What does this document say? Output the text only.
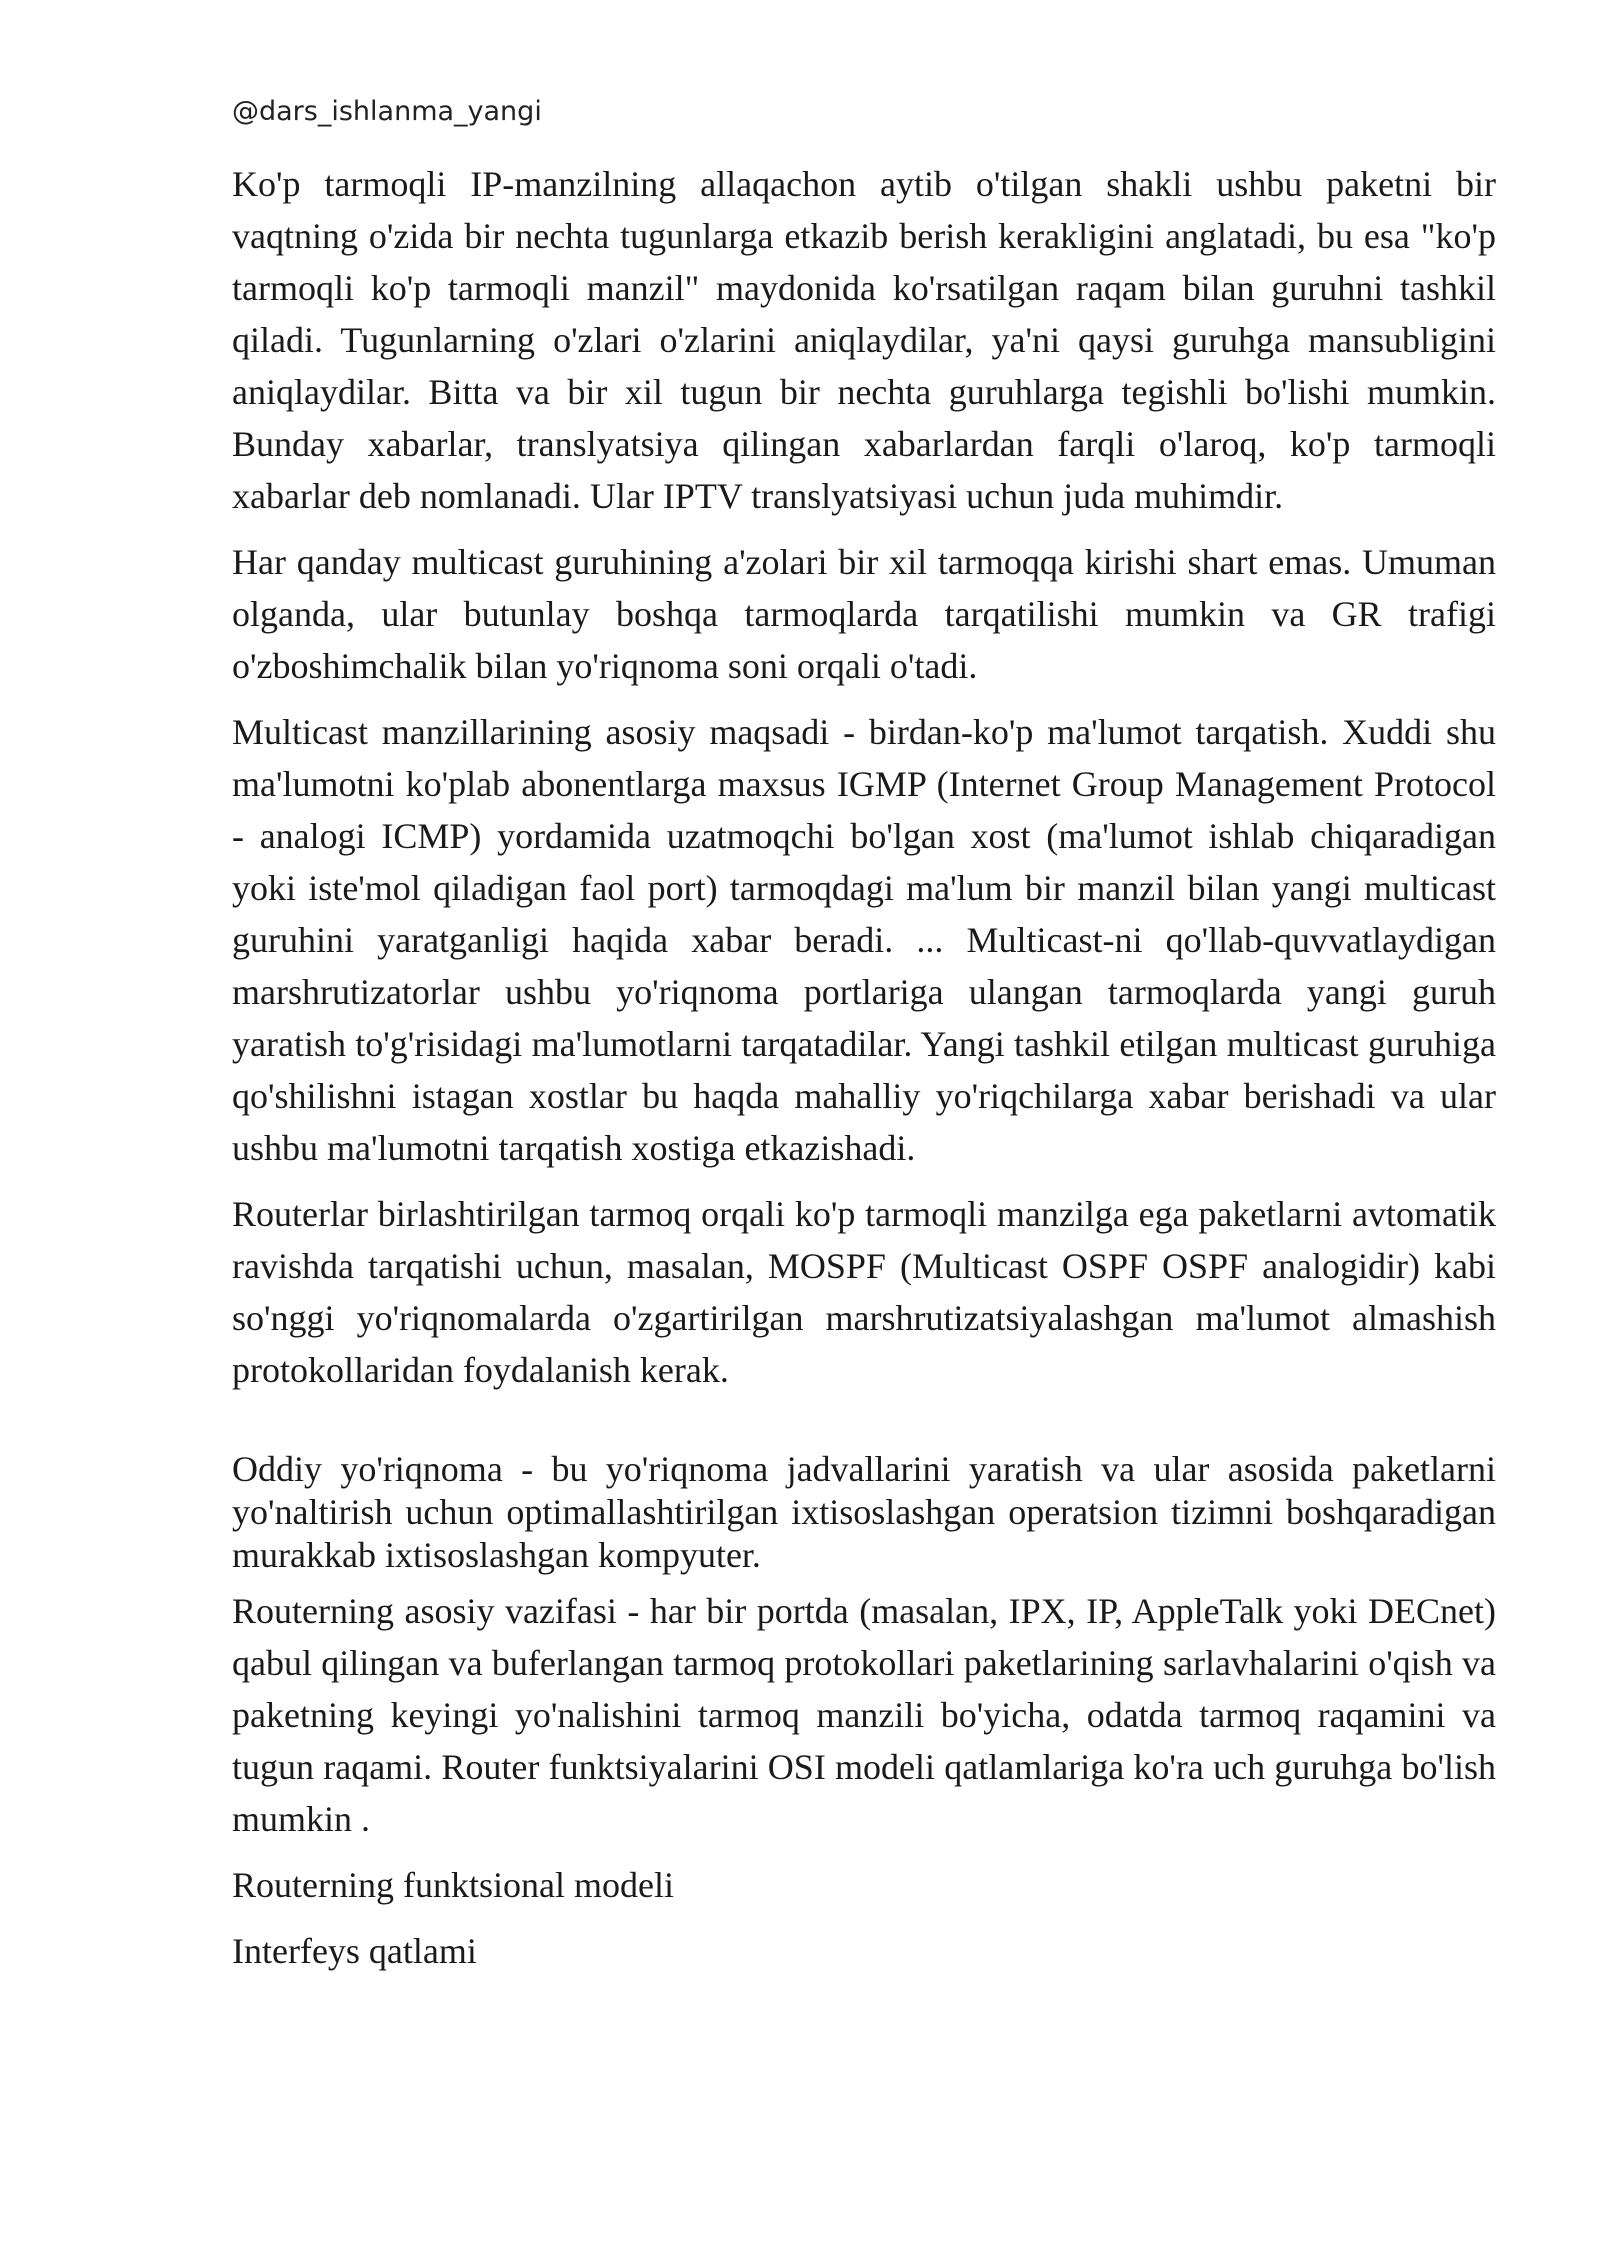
@dars_ishlanma_yangi

Ko'p tarmoqli IP-manzilning allaqachon aytib o'tilgan shakli ushbu paketni bir vaqtning o'zida bir nechta tugunlarga etkazib berish kerakligini anglatadi, bu esa "ko'p tarmoqli ko'p tarmoqli manzil" maydonida ko'rsatilgan raqam bilan guruhni tashkil qiladi. Tugunlarning o'zlari o'zlarini aniqlaydilar, ya'ni qaysi guruhga mansubligini aniqlaydilar. Bitta va bir xil tugun bir nechta guruhlarga tegishli bo'lishi mumkin. Bunday xabarlar, translyatsiya qilingan xabarlardan farqli o'laroq, ko'p tarmoqli xabarlar deb nomlanadi. Ular IPTV translyatsiyasi uchun juda muhimdir.

Har qanday multicast guruhining a'zolari bir xil tarmoqqa kirishi shart emas. Umuman olganda, ular butunlay boshqa tarmoqlarda tarqatilishi mumkin va GR trafigi o'zboshimchalik bilan yo'riqnoma soni orqali o'tadi.

Multicast manzillarining asosiy maqsadi - birdan-ko'p ma'lumot tarqatish. Xuddi shu ma'lumotni ko'plab abonentlarga maxsus IGMP (Internet Group Management Protocol - analogi ICMP) yordamida uzatmoqchi bo'lgan xost (ma'lumot ishlab chiqaradigan yoki iste'mol qiladigan faol port) tarmoqdagi ma'lum bir manzil bilan yangi multicast guruhini yaratganligi haqida xabar beradi. ... Multicast-ni qo'llab-quvvatlaydigan marshrutizatorlar ushbu yo'riqnoma portlariga ulangan tarmoqlarda yangi guruh yaratish to'g'risidagi ma'lumotlarni tarqatadilar. Yangi tashkil etilgan multicast guruhiga qo'shilishni istagan xostlar bu haqda mahalliy yo'riqchilarga xabar berishadi va ular ushbu ma'lumotni tarqatish xostiga etkazishadi.

Routerlar birlashtirilgan tarmoq orqali ko'p tarmoqli manzilga ega paketlarni avtomatik ravishda tarqatishi uchun, masalan, MOSPF (Multicast OSPF OSPF analogidir) kabi so'nggi yo'riqnomalarda o'zgartirilgan marshrutizatsiyalashgan ma'lumot almashish protokollaridan foydalanish kerak.

Oddiy yo'riqnoma - bu yo'riqnoma jadvallarini yaratish va ular asosida paketlarni yo'naltirish uchun optimallashtirilgan ixtisoslashgan operatsion tizimni boshqaradigan murakkab ixtisoslashgan kompyuter.

Routerning asosiy vazifasi - har bir portda (masalan, IPX, IP, AppleTalk yoki DECnet) qabul qilingan va buferlangan tarmoq protokollari paketlarining sarlavhalarini o'qish va paketning keyingi yo'nalishini tarmoq manzili bo'yicha, odatda tarmoq raqamini va tugun raqami. Router funktsiyalarini OSI modeli qatlamlariga ko'ra uch guruhga bo'lish mumkin .

Routerning funktsional modeli

Interfeys qatlami
